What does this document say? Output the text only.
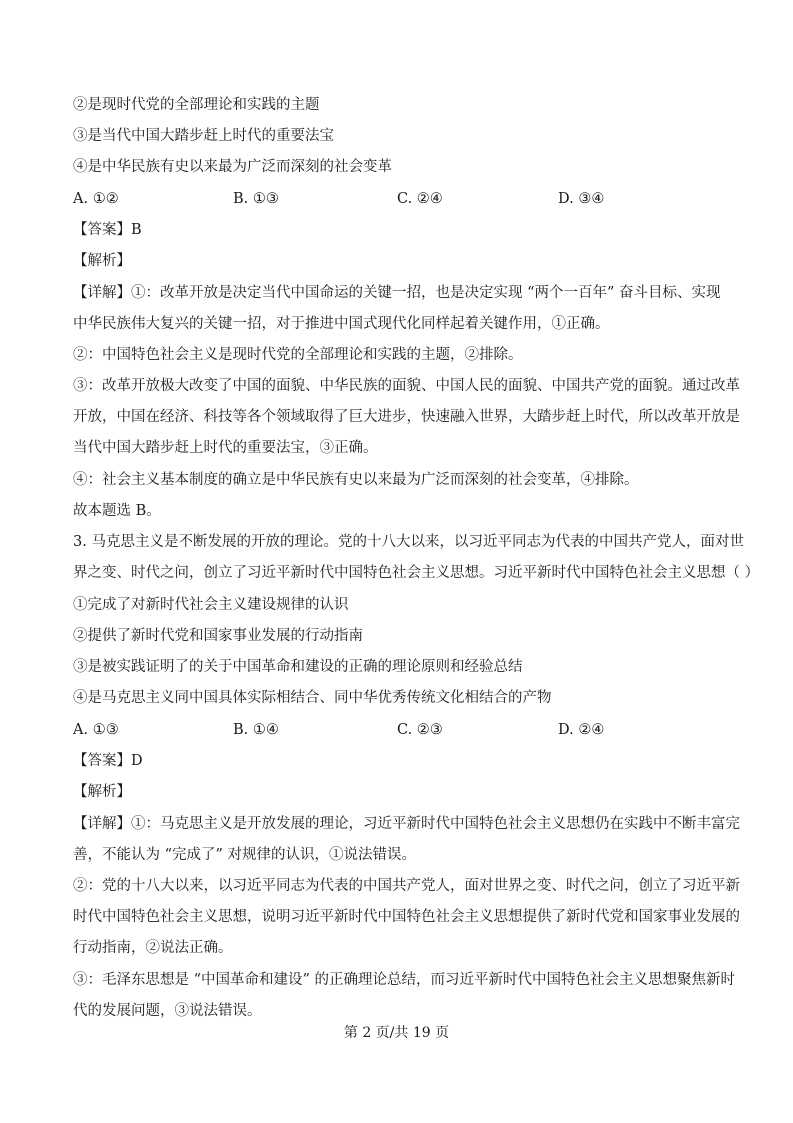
②是现时代党的全部理论和实践的主题
③是当代中国大踏步赶上时代的重要法宝
④是中华民族有史以来最为广泛而深刻的社会变革
A. ①②	B. ①③	C. ②④	D. ③④
【答案】B
【解析】
【详解】①：改革开放是决定当代中国命运的关键一招，也是决定实现 “两个一百年” 奋斗目标、实现
中华民族伟大复兴的关键一招，对于推进中国式现代化同样起着关键作用，①正确。
②：中国特色社会主义是现时代党的全部理论和实践的主题，②排除。
③：改革开放极大改变了中国的面貌、中华民族的面貌、中国人民的面貌、中国共产党的面貌。通过改革
开放，中国在经济、科技等各个领域取得了巨大进步，快速融入世界，大踏步赶上时代，所以改革开放是
当代中国大踏步赶上时代的重要法宝，③正确。
④：社会主义基本制度的确立是中华民族有史以来最为广泛而深刻的社会变革，④排除。
故本题选 B。
3. 马克思主义是不断发展的开放的理论。党的十八大以来，以习近平同志为代表的中国共产党人，面对世
界之变、时代之问，创立了习近平新时代中国特色社会主义思想。习近平新时代中国特色社会主义思想（ ）
①完成了对新时代社会主义建设规律的认识
②提供了新时代党和国家事业发展的行动指南
③是被实践证明了的关于中国革命和建设的正确的理论原则和经验总结
④是马克思主义同中国具体实际相结合、同中华优秀传统文化相结合的产物
A. ①③	B. ①④	C. ②③	D. ②④
【答案】D
【解析】
【详解】①：马克思主义是开放发展的理论，习近平新时代中国特色社会主义思想仍在实践中不断丰富完
善，不能认为 “完成了” 对规律的认识，①说法错误。
②：党的十八大以来，以习近平同志为代表的中国共产党人，面对世界之变、时代之问，创立了习近平新
时代中国特色社会主义思想，说明习近平新时代中国特色社会主义思想提供了新时代党和国家事业发展的
行动指南，②说法正确。
③：毛泽东思想是 “中国革命和建设” 的正确理论总结，而习近平新时代中国特色社会主义思想聚焦新时
代的发展问题，③说法错误。
第 2 页/共 19 页
